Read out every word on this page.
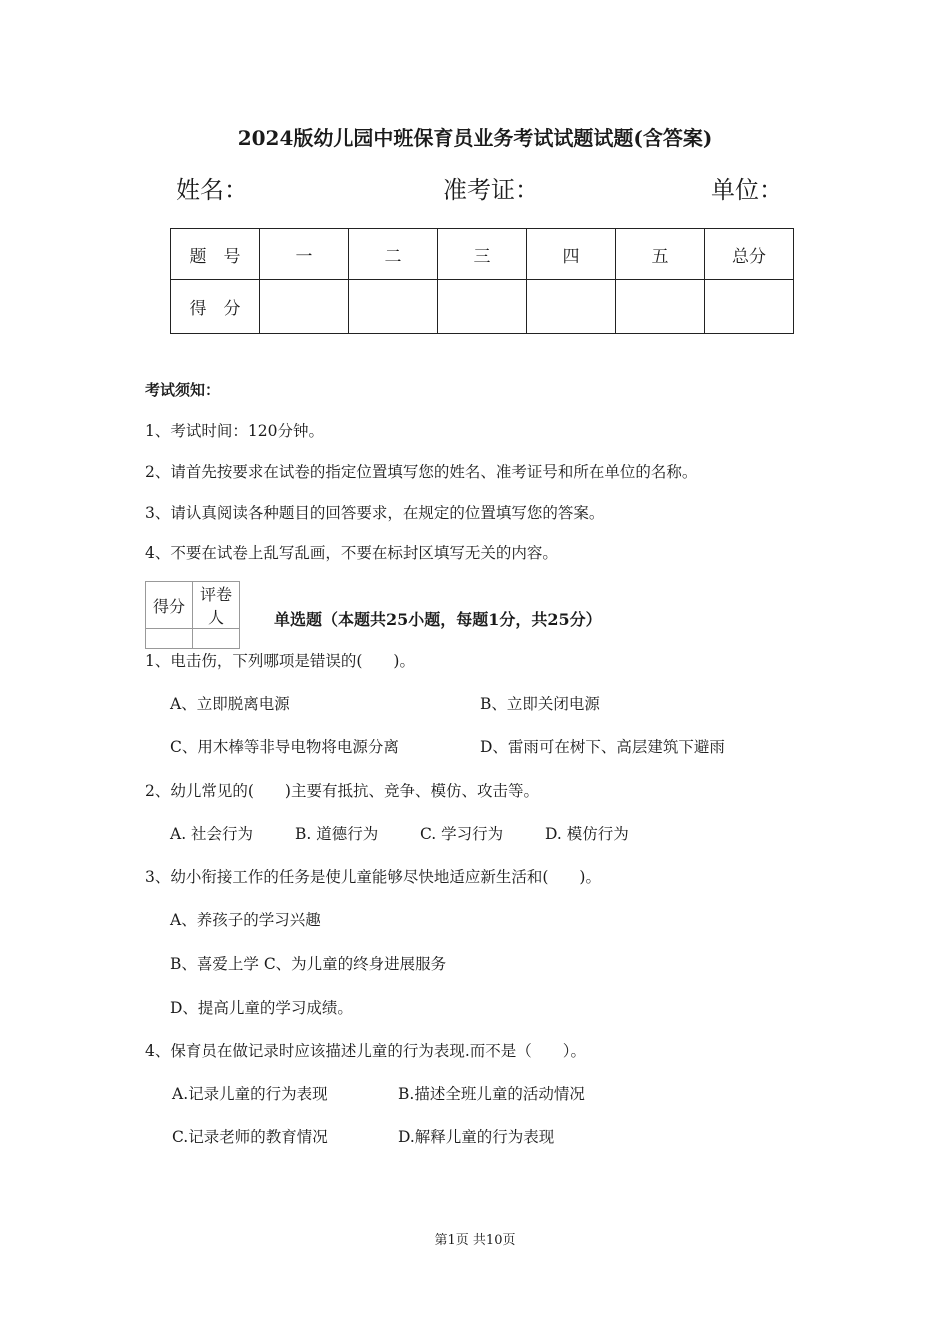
2024版幼儿园中班保育员业务考试试题试题(含答案)
姓名：	准考证：	单位：
题　号	一	二	三	四	五	总分
得　分						
考试须知：
1、考试时间：120分钟。
2、请首先按要求在试卷的指定位置填写您的姓名、准考证号和所在单位的名称。
3、请认真阅读各种题目的回答要求，在规定的位置填写您的答案。
4、不要在试卷上乱写乱画，不要在标封区填写无关的内容。
得分	评卷人
		单选题（本题共25小题，每题1分，共25分）
1、电击伤，下列哪项是错误的(　　)。
A、立即脱离电源	B、立即关闭电源
C、用木棒等非导电物将电源分离	D、雷雨可在树下、高层建筑下避雨
2、幼儿常见的(　　)主要有抵抗、竞争、模仿、攻击等。
A. 社会行为	B. 道德行为	C. 学习行为	D. 模仿行为
3、幼小衔接工作的任务是使儿童能够尽快地适应新生活和(　　)。
A、养孩子的学习兴趣
B、喜爱上学 C、为儿童的终身进展服务
D、提高儿童的学习成绩。
4、保育员在做记录时应该描述儿童的行为表现.而不是（　　）。
A.记录儿童的行为表现	B.描述全班儿童的活动情况
C.记录老师的教育情况	D.解释儿童的行为表现
第1页 共10页
